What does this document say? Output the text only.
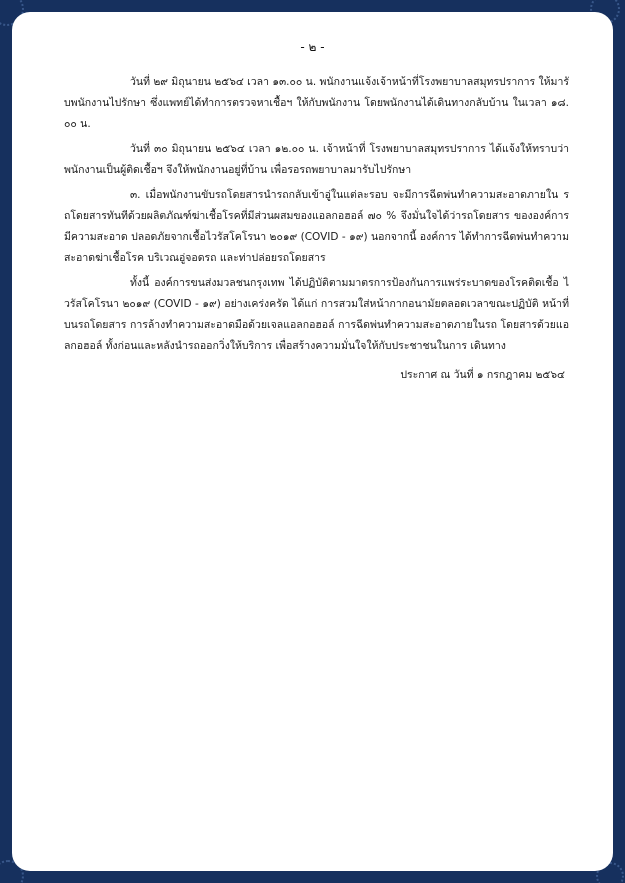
- ๒ -

วันที่ ๒๙ มิถุนายน ๒๕๖๔ เวลา ๑๓.๐๐ น. พนักงานแจ้งเจ้าหน้าที่โรงพยาบาลสมุทรปราการ ให้มารับพนักงานไปรักษา ซึ่งแพทย์ได้ทำการตรวจหาเชื้อฯ ให้กับพนักงาน โดยพนักงานได้เดินทางกลับบ้าน ในเวลา ๑๘.๐๐ น.

วันที่ ๓๐ มิถุนายน ๒๕๖๔ เวลา ๑๒.๐๐ น. เจ้าหน้าที่ โรงพยาบาลสมุทรปราการ ได้แจ้งให้ทราบว่า พนักงานเป็นผู้ติดเชื้อฯ จึงให้พนักงานอยู่ที่บ้าน เพื่อรอรถพยาบาลมารับไปรักษา

๓. เมื่อพนักงานขับรถโดยสารนำรถกลับเข้าอู่ในแต่ละรอบ จะมีการฉีดพ่นทำความสะอาดภายใน รถโดยสารทันทีด้วยผลิตภัณฑ์ฆ่าเชื้อโรคที่มีส่วนผสมของแอลกอฮอล์ ๗๐ % จึงมั่นใจได้ว่ารถโดยสาร ขององค์การมีความสะอาด ปลอดภัยจากเชื้อไวรัสโคโรนา ๒๐๑๙ (COVID - ๑๙) นอกจากนี้ องค์การ ได้ทำการฉีดพ่นทำความสะอาดฆ่าเชื้อโรค บริเวณอู่จอดรถ และท่าปล่อยรถโดยสาร

ทั้งนี้ องค์การขนส่งมวลชนกรุงเทพ ได้ปฏิบัติตามมาตรการป้องกันการแพร่ระบาดของโรคติดเชื้อ ไวรัสโคโรนา ๒๐๑๙ (COVID - ๑๙) อย่างเคร่งครัด ได้แก่ การสวมใส่หน้ากากอนามัยตลอดเวลาขณะปฏิบัติ หน้าที่บนรถโดยสาร การล้างทำความสะอาดมือด้วยเจลแอลกอฮอล์ การฉีดพ่นทำความสะอาดภายในรถ โดยสารด้วยแอลกอฮอล์ ทั้งก่อนและหลังนำรถออกวิ่งให้บริการ เพื่อสร้างความมั่นใจให้กับประชาชนในการ เดินทาง

ประกาศ ณ วันที่ ๑ กรกฎาคม ๒๕๖๔
